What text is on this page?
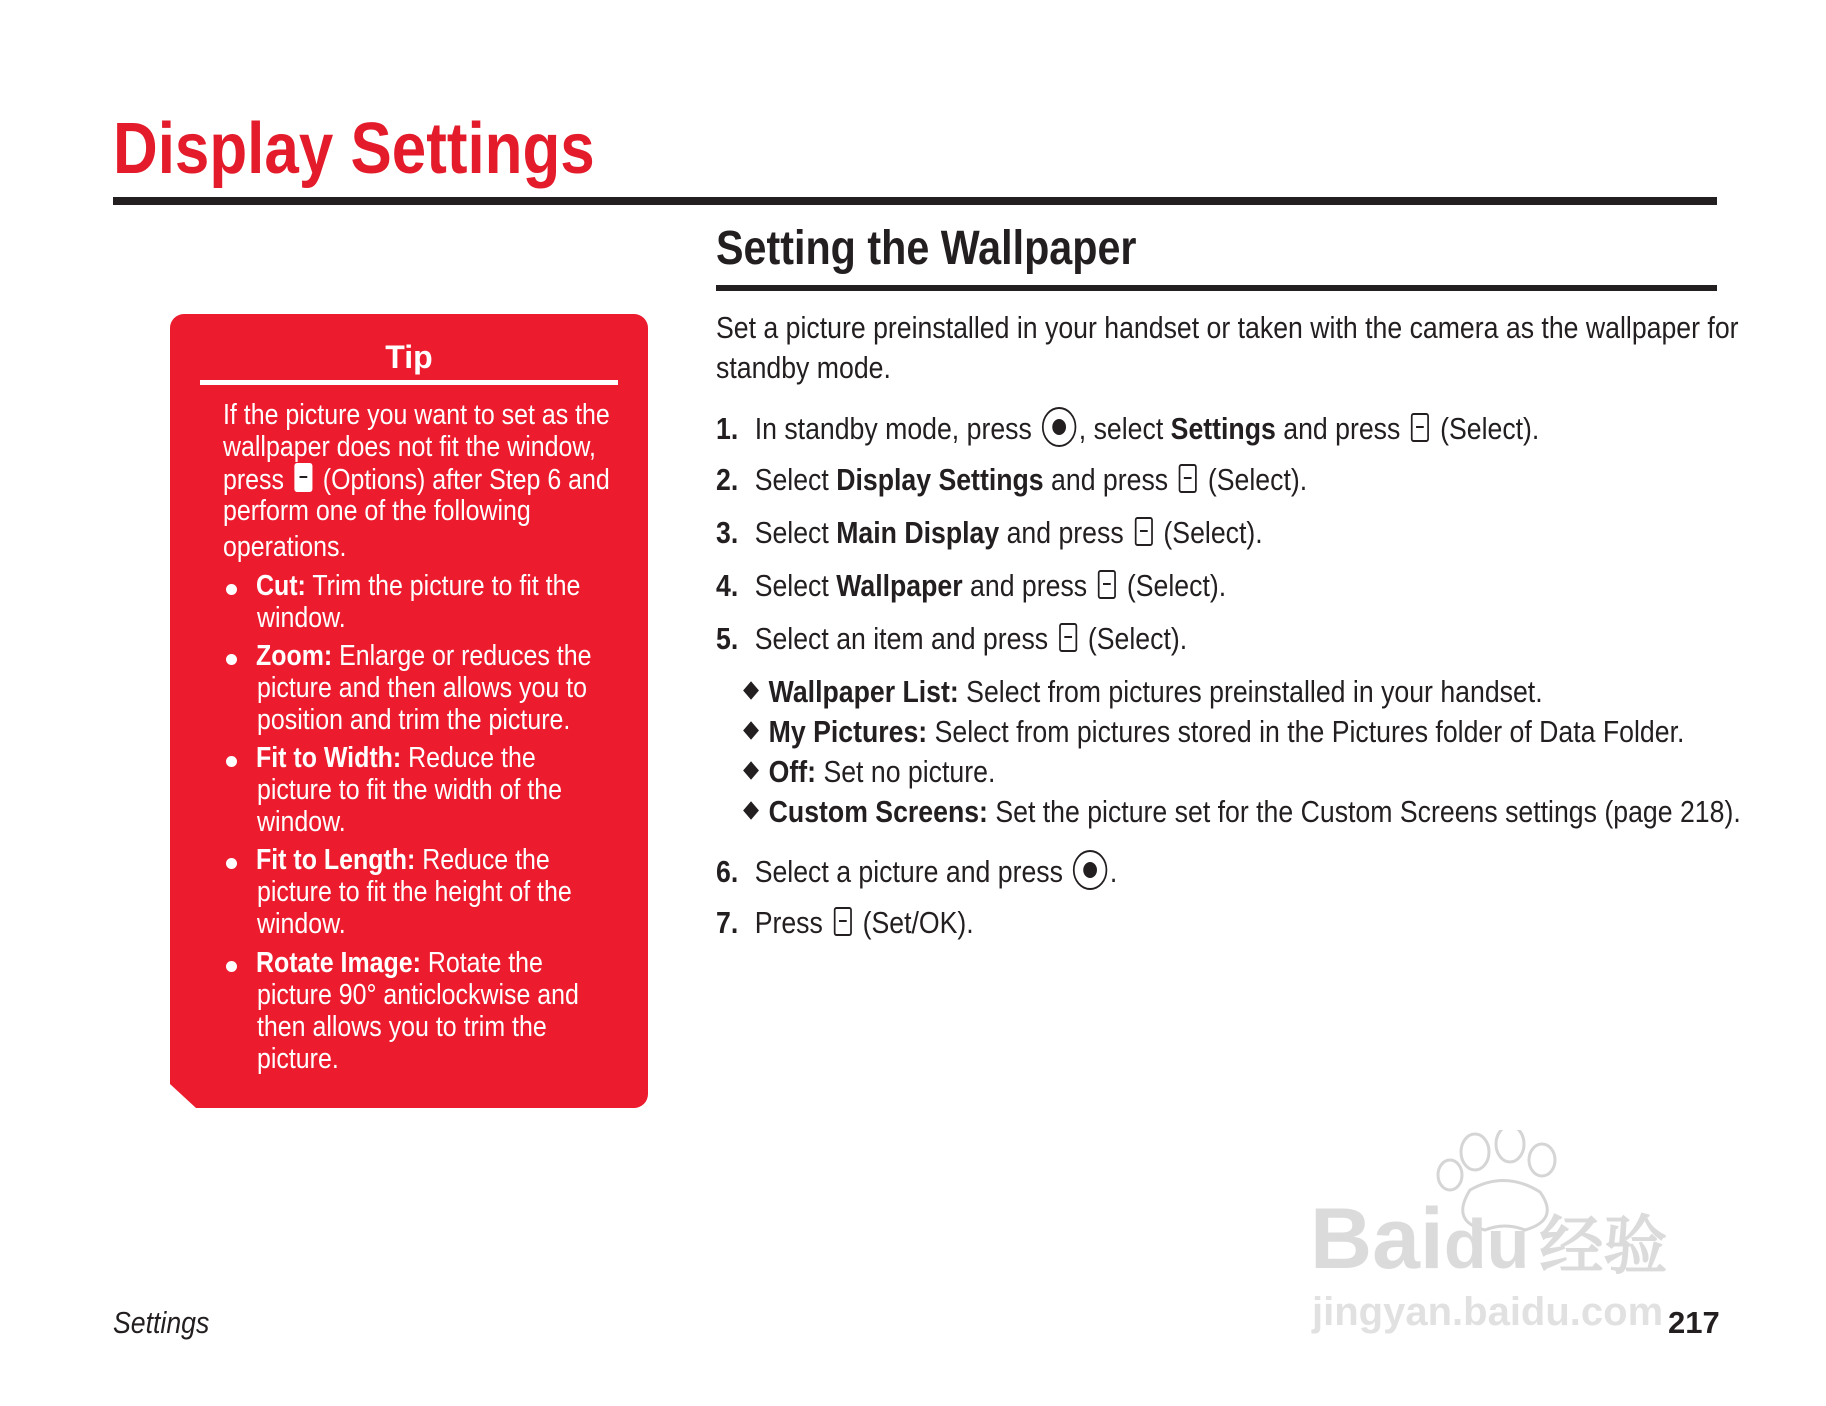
Display Settings
Setting the Wallpaper
Set a picture preinstalled in your handset or taken with the camera as the wallpaper for
standby mode.
1. In standby mode, press , select Settings and press  (Select).
2. Select Display Settings and press  (Select).
3. Select Main Display and press  (Select).
4. Select Wallpaper and press  (Select).
5. Select an item and press  (Select).
Wallpaper List: Select from pictures preinstalled in your handset.
My Pictures: Select from pictures stored in the Pictures folder of Data Folder.
Off: Set no picture.
Custom Screens: Set the picture set for the Custom Screens settings (page 218).
6. Select a picture and press .
7. Press  (Set/OK).
Tip
If the picture you want to set as the
wallpaper does not fit the window,
press  (Options) after Step 6 and
perform one of the following
operations.
Cut: Trim the picture to fit the
window.
Zoom: Enlarge or reduces the
picture and then allows you to
position and trim the picture.
Fit to Width: Reduce the
picture to fit the width of the
window.
Fit to Length: Reduce the
picture to fit the height of the
window.
Rotate Image: Rotate the
picture 90° anticlockwise and
then allows you to trim the
picture.
Settings	217
Baidu 经验
jingyan.baidu.com
